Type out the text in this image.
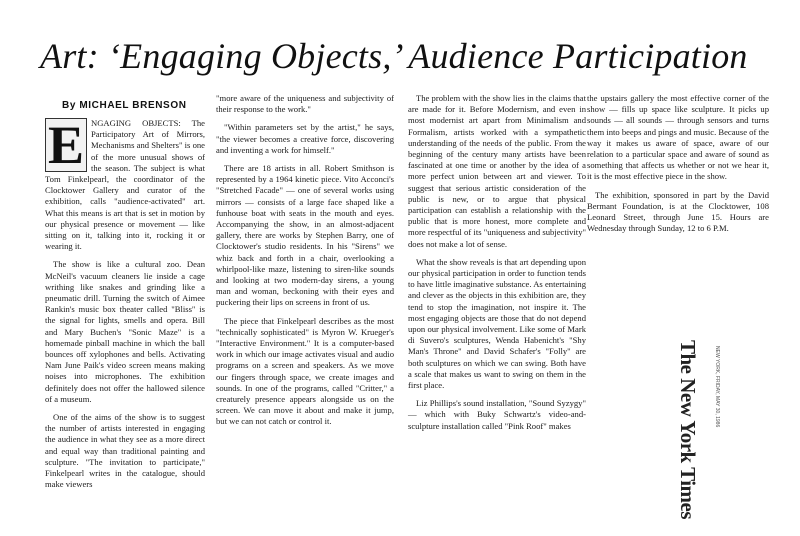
Art: ‘Engaging Objects,’ Audience Participation
By MICHAEL BRENSON

E NGAGING OBJECTS: The Participatory Art of Mirrors, Mechanisms and Shelters" is one of the more unusual shows of the season. The subject is what Tom Finkelpearl, the coordinator of the Clocktower Gallery and curator of the exhibition, calls "audience-activated" art. What this means is art that is set in motion by our physical presence or movement — like sitting on it, talking into it, rocking it or wearing it.

The show is like a cultural zoo. Dean McNeil's vacuum cleaners lie inside a cage writhing like snakes and grinding like a pneumatic drill. Turning the switch of Aimee Rankin's music box theater called "Bliss" is the signal for lights, smells and opera. Bill and Mary Buchen's "Sonic Maze" is a homemade pinball machine in which the ball bounces off xylophones and bells. Activating Nam June Paik's video screen means making noises into microphones. The exhibition definitely does not offer the hallowed silence of a museum.

One of the aims of the show is to suggest the number of artists interested in engaging the audience in what they see as a more direct and equal way than traditional painting and sculpture. "The invitation to participate," Finkelpearl writes in the catalogue, should make viewers

"more aware of the uniqueness and subjectivity of their response to the work."

"Within parameters set by the artist," he says, "the viewer becomes a creative force, discovering and inventing a work for himself."

There are 18 artists in all. Robert Smithson is represented by a 1964 kinetic piece. Vito Acconci's "Stretched Facade" — one of several works using mirrors — consists of a large face shaped like a funhouse boat with seats in the mouth and eyes. Accompanying the show, in an almost-adjacent gallery, there are works by Stephen Barry, one of Clocktower's studio residents. In his "Sirens" we whiz back and forth in a chair, overlooking a whirlpool-like maze, listening to siren-like sounds and looking at two modern-day sirens, a young man and woman, beckoning with their eyes and puckering their lips on screens in front of us.

The piece that Finkelpearl describes as the most "technically sophisticated" is Myron W. Krueger's "Interactive Environment." It is a computer-based work in which our image activates visual and audio programs on a screen and speakers. As we move our fingers through space, we create images and sounds. In one of the programs, called "Critter," a creaturely presence appears alongside us on the screen. We can move it about and make it jump, but we can not catch or control it.

The problem with the show lies in the claims that are made for it. Before Modernism, and even in most modernist art apart from Minimalism and Formalism, artists worked with a sympathetic understanding of the needs of the public. From the beginning of the century many artists have been fascinated at one time or another by the idea of a more perfect union between art and viewer. To suggest that serious artistic consideration of the public is new, or to argue that physical participation can establish a relationship with the public that is more honest, more complete and more respectful of its "uniqueness and subjectivity" does not make a lot of sense.

What the show reveals is that art depending upon our physical participation in order to function tends to have little imaginative substance. As entertaining and clever as the objects in this exhibition are, they tend to stop the imagination, not inspire it. The most engaging objects are those that do not depend upon our physical involvement. Like some of Mark di Suvero's sculptures, Wenda Habenicht's "Shy Man's Throne" and David Schafer's "Folly" are both sculptures on which we can swing. Both have a scale that makes us want to swing on them in the first place.

Liz Phillips's sound installation, "Sound Syzygy" — which with Buky Schwartz's video-and-sculpture installation called "Pink Roof" makes

the upstairs gallery the most effective corner of the show — fills up space like sculpture. It picks up sounds — all sounds — through sensors and turns them into beeps and pings and music. Because of the way it makes us aware of space, aware of our relation to a particular space and aware of sound as something that affects us whether or not we hear it, it is the most effective piece in the show.

The exhibition, sponsored in part by the David Bermant Foundation, is at the Clocktower, 108 Leonard Street, through June 15. Hours are Wednesday through Sunday, 12 to 6 P.M.

NEW YORK, FRIDAY, MAY 30, 1986
The New York Times
